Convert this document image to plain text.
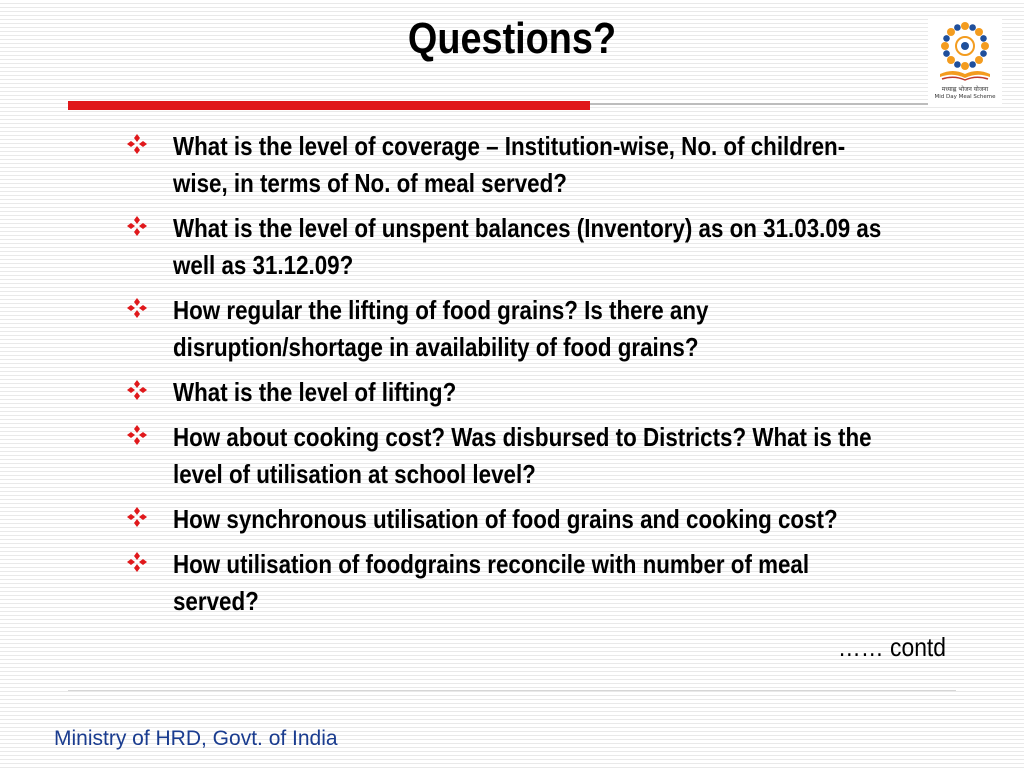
Questions?
मध्याह्न भोजन योजना
Mid Day Meal Scheme
What is the level of coverage – Institution-wise, No. of children-wise, in terms of No. of meal served?
What is the level of unspent balances (Inventory) as on 31.03.09 as well as 31.12.09?
How regular the lifting of food grains? Is there any disruption/shortage in availability of food grains?
What is the level of lifting?
How about cooking cost? Was disbursed to Districts? What is the level of utilisation at school level?
How synchronous utilisation of food grains and cooking cost?
How utilisation of foodgrains reconcile with number of meal served?
…… contd
Ministry of HRD, Govt. of India
